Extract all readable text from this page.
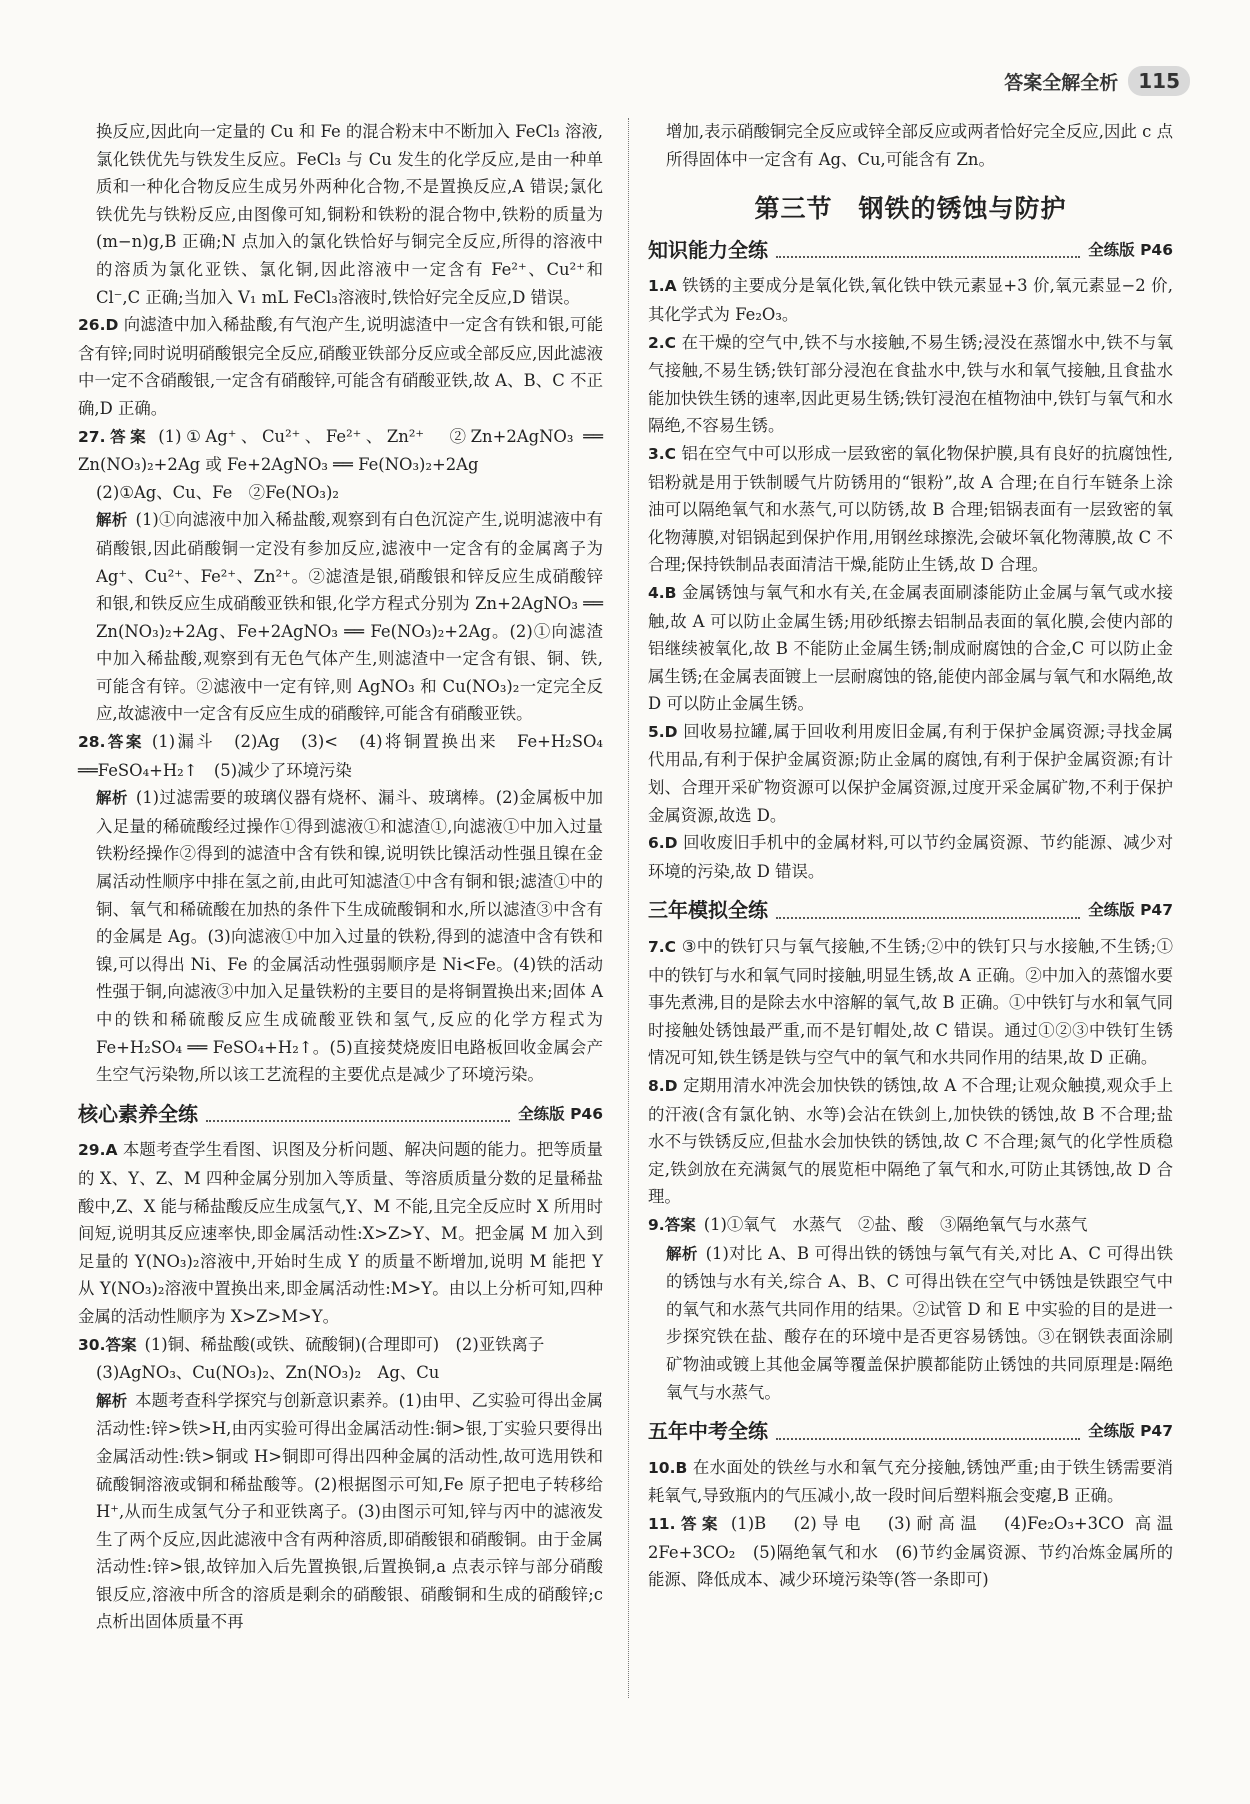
答案全解全析	115

换反应,因此向一定量的 Cu 和 Fe 的混合粉末中不断加入 FeCl₃ 溶液,氯化铁优先与铁发生反应。FeCl₃ 与 Cu 发生的化学反应,是由一种单质和一种化合物反应生成另外两种化合物,不是置换反应,A 错误;氯化铁优先与铁粉反应,由图像可知,铜粉和铁粉的混合物中,铁粉的质量为(m−n)g,B 正确;N 点加入的氯化铁恰好与铜完全反应,所得的溶液中的溶质为氯化亚铁、氯化铜,因此溶液中一定含有 Fe²⁺、Cu²⁺和 Cl⁻,C 正确;当加入 V₁ mL FeCl₃溶液时,铁恰好完全反应,D 错误。

26.D 向滤渣中加入稀盐酸,有气泡产生,说明滤渣中一定含有铁和银,可能含有锌;同时说明硝酸银完全反应,硝酸亚铁部分反应或全部反应,因此滤液中一定不含硝酸银,一定含有硝酸锌,可能含有硝酸亚铁,故 A、B、C 不正确,D 正确。

27.答案 (1)①Ag⁺、Cu²⁺、Fe²⁺、Zn²⁺　②Zn+2AgNO₃ ══ Zn(NO₃)₂+2Ag 或 Fe+2AgNO₃ ══ Fe(NO₃)₂+2Ag

(2)①Ag、Cu、Fe　②Fe(NO₃)₂

解析 (1)①向滤液中加入稀盐酸,观察到有白色沉淀产生,说明滤液中有硝酸银,因此硝酸铜一定没有参加反应,滤液中一定含有的金属离子为 Ag⁺、Cu²⁺、Fe²⁺、Zn²⁺。②滤渣是银,硝酸银和锌反应生成硝酸锌和银,和铁反应生成硝酸亚铁和银,化学方程式分别为 Zn+2AgNO₃ ══ Zn(NO₃)₂+2Ag、Fe+2AgNO₃ ══ Fe(NO₃)₂+2Ag。(2)①向滤渣中加入稀盐酸,观察到有无色气体产生,则滤渣中一定含有银、铜、铁,可能含有锌。②滤液中一定有锌,则 AgNO₃ 和 Cu(NO₃)₂一定完全反应,故滤液中一定含有反应生成的硝酸锌,可能含有硝酸亚铁。

28.答案 (1)漏斗　(2)Ag　(3)<　(4)将铜置换出来　Fe+H₂SO₄ ══FeSO₄+H₂↑　(5)减少了环境污染

解析 (1)过滤需要的玻璃仪器有烧杯、漏斗、玻璃棒。(2)金属板中加入足量的稀硫酸经过操作①得到滤液①和滤渣①,向滤液①中加入过量铁粉经操作②得到的滤渣中含有铁和镍,说明铁比镍活动性强且镍在金属活动性顺序中排在氢之前,由此可知滤渣①中含有铜和银;滤渣①中的铜、氧气和稀硫酸在加热的条件下生成硫酸铜和水,所以滤渣③中含有的金属是 Ag。(3)向滤液①中加入过量的铁粉,得到的滤渣中含有铁和镍,可以得出 Ni、Fe 的金属活动性强弱顺序是 Ni<Fe。(4)铁的活动性强于铜,向滤液③中加入足量铁粉的主要目的是将铜置换出来;固体 A 中的铁和稀硫酸反应生成硫酸亚铁和氢气,反应的化学方程式为 Fe+H₂SO₄ ══ FeSO₄+H₂↑。(5)直接焚烧废旧电路板回收金属会产生空气污染物,所以该工艺流程的主要优点是减少了环境污染。

核心素养全练	全练版 P46

29.A 本题考查学生看图、识图及分析问题、解决问题的能力。把等质量的 X、Y、Z、M 四种金属分别加入等质量、等溶质质量分数的足量稀盐酸中,Z、X 能与稀盐酸反应生成氢气,Y、M 不能,且完全反应时 X 所用时间短,说明其反应速率快,即金属活动性:X>Z>Y、M。把金属 M 加入到足量的 Y(NO₃)₂溶液中,开始时生成 Y 的质量不断增加,说明 M 能把 Y 从 Y(NO₃)₂溶液中置换出来,即金属活动性:M>Y。由以上分析可知,四种金属的活动性顺序为 X>Z>M>Y。

30.答案 (1)铜、稀盐酸(或铁、硫酸铜)(合理即可)　(2)亚铁离子

(3)AgNO₃、Cu(NO₃)₂、Zn(NO₃)₂　Ag、Cu

解析 本题考查科学探究与创新意识素养。(1)由甲、乙实验可得出金属活动性:锌>铁>H,由丙实验可得出金属活动性:铜>银,丁实验只要得出金属活动性:铁>铜或 H>铜即可得出四种金属的活动性,故可选用铁和硫酸铜溶液或铜和稀盐酸等。(2)根据图示可知,Fe 原子把电子转移给 H⁺,从而生成氢气分子和亚铁离子。(3)由图示可知,锌与丙中的滤液发生了两个反应,因此滤液中含有两种溶质,即硝酸银和硝酸铜。由于金属活动性:锌>银,故锌加入后先置换银,后置换铜,a 点表示锌与部分硝酸银反应,溶液中所含的溶质是剩余的硝酸银、硝酸铜和生成的硝酸锌;c 点析出固体质量不再

增加,表示硝酸铜完全反应或锌全部反应或两者恰好完全反应,因此 c 点所得固体中一定含有 Ag、Cu,可能含有 Zn。

第三节　钢铁的锈蚀与防护
知识能力全练	全练版 P46

1.A 铁锈的主要成分是氧化铁,氧化铁中铁元素显+3 价,氧元素显−2 价,其化学式为 Fe₂O₃。

2.C 在干燥的空气中,铁不与水接触,不易生锈;浸没在蒸馏水中,铁不与氧气接触,不易生锈;铁钉部分浸泡在食盐水中,铁与水和氧气接触,且食盐水能加快铁生锈的速率,因此更易生锈;铁钉浸泡在植物油中,铁钉与氧气和水隔绝,不容易生锈。

3.C 铝在空气中可以形成一层致密的氧化物保护膜,具有良好的抗腐蚀性,铝粉就是用于铁制暖气片防锈用的“银粉”,故 A 合理;在自行车链条上涂油可以隔绝氧气和水蒸气,可以防锈,故 B 合理;铝锅表面有一层致密的氧化物薄膜,对铝锅起到保护作用,用钢丝球擦洗,会破坏氧化物薄膜,故 C 不合理;保持铁制品表面清洁干燥,能防止生锈,故 D 合理。

4.B 金属锈蚀与氧气和水有关,在金属表面刷漆能防止金属与氧气或水接触,故 A 可以防止金属生锈;用砂纸擦去铝制品表面的氧化膜,会使内部的铝继续被氧化,故 B 不能防止金属生锈;制成耐腐蚀的合金,C 可以防止金属生锈;在金属表面镀上一层耐腐蚀的铬,能使内部金属与氧气和水隔绝,故 D 可以防止金属生锈。

5.D 回收易拉罐,属于回收利用废旧金属,有利于保护金属资源;寻找金属代用品,有利于保护金属资源;防止金属的腐蚀,有利于保护金属资源;有计划、合理开采矿物资源可以保护金属资源,过度开采金属矿物,不利于保护金属资源,故选 D。

6.D 回收废旧手机中的金属材料,可以节约金属资源、节约能源、减少对环境的污染,故 D 错误。

三年模拟全练	全练版 P47

7.C ③中的铁钉只与氧气接触,不生锈;②中的铁钉只与水接触,不生锈;①中的铁钉与水和氧气同时接触,明显生锈,故 A 正确。②中加入的蒸馏水要事先煮沸,目的是除去水中溶解的氧气,故 B 正确。①中铁钉与水和氧气同时接触处锈蚀最严重,而不是钉帽处,故 C 错误。通过①②③中铁钉生锈情况可知,铁生锈是铁与空气中的氧气和水共同作用的结果,故 D 正确。

8.D 定期用清水冲洗会加快铁的锈蚀,故 A 不合理;让观众触摸,观众手上的汗液(含有氯化钠、水等)会沾在铁剑上,加快铁的锈蚀,故 B 不合理;盐水不与铁锈反应,但盐水会加快铁的锈蚀,故 C 不合理;氮气的化学性质稳定,铁剑放在充满氮气的展览柜中隔绝了氧气和水,可防止其锈蚀,故 D 合理。

9.答案 (1)①氧气　水蒸气　②盐、酸　③隔绝氧气与水蒸气

解析 (1)对比 A、B 可得出铁的锈蚀与氧气有关,对比 A、C 可得出铁的锈蚀与水有关,综合 A、B、C 可得出铁在空气中锈蚀是铁跟空气中的氧气和水蒸气共同作用的结果。②试管 D 和 E 中实验的目的是进一步探究铁在盐、酸存在的环境中是否更容易锈蚀。③在钢铁表面涂刷矿物油或镀上其他金属等覆盖保护膜都能防止锈蚀的共同原理是:隔绝氧气与水蒸气。

五年中考全练	全练版 P47

10.B 在水面处的铁丝与水和氧气充分接触,锈蚀严重;由于铁生锈需要消耗氧气,导致瓶内的气压减小,故一段时间后塑料瓶会变瘪,B 正确。

11.答案 (1)B　(2)导电　(3)耐高温　(4)Fe₂O₃+3CO 高温 2Fe+3CO₂　(5)隔绝氧气和水　(6)节约金属资源、节约冶炼金属所的能源、降低成本、减少环境污染等(答一条即可)
